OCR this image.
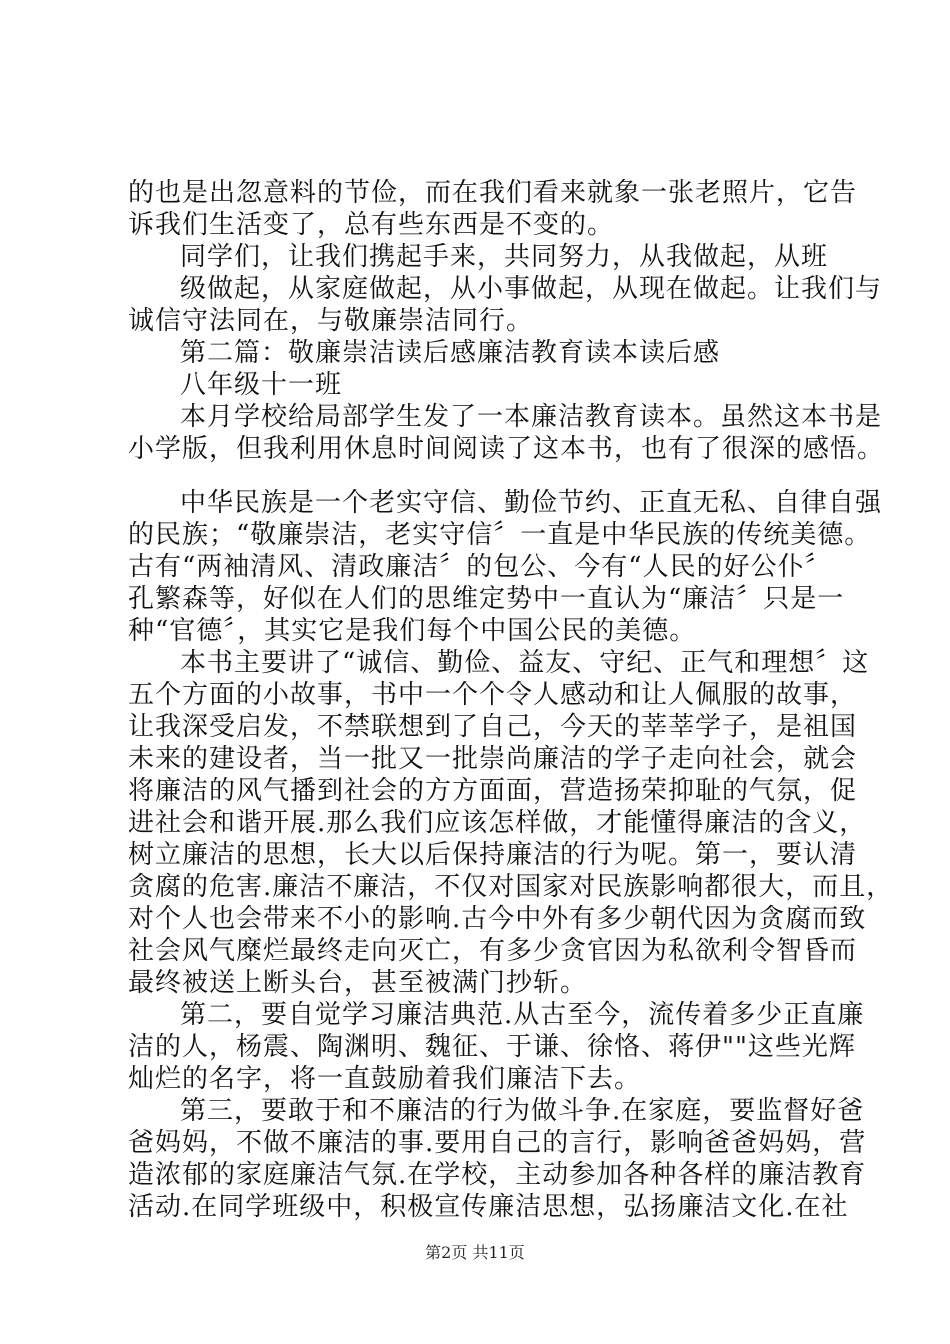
的也是出忽意料的节俭，而在我们看来就象一张老照片，它告

诉我们生活变了，总有些东西是不变的。

同学们，让我们携起手来，共同努力，从我做起，从班

级做起，从家庭做起，从小事做起，从现在做起。让我们与

诚信守法同在，与敬廉崇洁同行。

第二篇：敬廉崇洁读后感廉洁教育读本读后感

八年级十一班

本月学校给局部学生发了一本廉洁教育读本。虽然这本书是

小学版，但我利用休息时间阅读了这本书，也有了很深的感悟。

中华民族是一个老实守信、勤俭节约、正直无私、自律自强

的民族；“敬廉崇洁，老实守信〞一直是中华民族的传统美德。

古有“两袖清风、清政廉洁〞的包公、今有“人民的好公仆〞

孔繁森等，好似在人们的思维定势中一直认为“廉洁〞只是一

种“官德〞，其实它是我们每个中国公民的美德。

本书主要讲了“诚信、勤俭、益友、守纪、正气和理想〞这

五个方面的小故事，书中一个个令人感动和让人佩服的故事，

让我深受启发，不禁联想到了自己，今天的莘莘学子，是祖国

未来的建设者，当一批又一批崇尚廉洁的学子走向社会，就会

将廉洁的风气播到社会的方方面面，营造扬荣抑耻的气氛，促

进社会和谐开展.那么我们应该怎样做，才能懂得廉洁的含义，

树立廉洁的思想，长大以后保持廉洁的行为呢。第一，要认清

贪腐的危害.廉洁不廉洁，不仅对国家对民族影响都很大，而且，

对个人也会带来不小的影响.古今中外有多少朝代因为贪腐而致

社会风气糜烂最终走向灭亡，有多少贪官因为私欲利令智昏而

最终被送上断头台，甚至被满门抄斩。

第二，要自觉学习廉洁典范.从古至今，流传着多少正直廉

洁的人，杨震、陶渊明、魏征、于谦、徐恪、蒋伊""这些光辉

灿烂的名字，将一直鼓励着我们廉洁下去。

第三，要敢于和不廉洁的行为做斗争.在家庭，要监督好爸

爸妈妈，不做不廉洁的事.要用自己的言行，影响爸爸妈妈，营

造浓郁的家庭廉洁气氛.在学校，主动参加各种各样的廉洁教育

活动.在同学班级中，积极宣传廉洁思想，弘扬廉洁文化.在社

第2页 共11页
